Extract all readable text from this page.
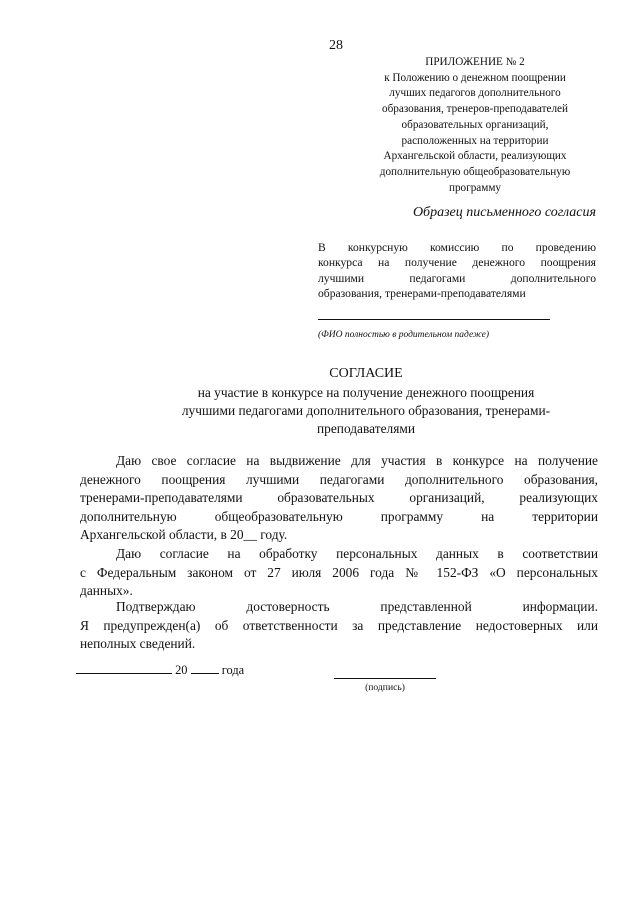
28
ПРИЛОЖЕНИЕ № 2
к Положению о денежном поощрении
лучших педагогов дополнительного
образования, тренеров-преподавателей
образовательных организаций,
расположенных на территории
Архангельской области, реализующих
дополнительную общеобразовательную
программу
Образец письменного согласия
В конкурсную комиссию по проведению
конкурса на получение денежного поощрения
лучшими педагогами дополнительного
образования, тренерами-преподавателями
(ФИО полностью в родительном падеже)
СОГЛАСИЕ
на участие в конкурсе на получение денежного поощрения
лучшими педагогами дополнительного образования, тренерами-
преподавателями
Даю свое согласие на выдвижение для участия в конкурсе на получение
денежного поощрения лучшими педагогами дополнительного образования,
тренерами-преподавателями образовательных организаций, реализующих
дополнительную общеобразовательную программу на территории
Архангельской области, в 20__ году.
Даю согласие на обработку персональных данных в соответствии
с Федеральным законом от 27 июля 2006 года № 152-ФЗ «О персональных
данных».
Подтверждаю достоверность представленной информации.
Я предупрежден(а) об ответственности за представление недостоверных или
неполных сведений.
20	года
(подпись)
